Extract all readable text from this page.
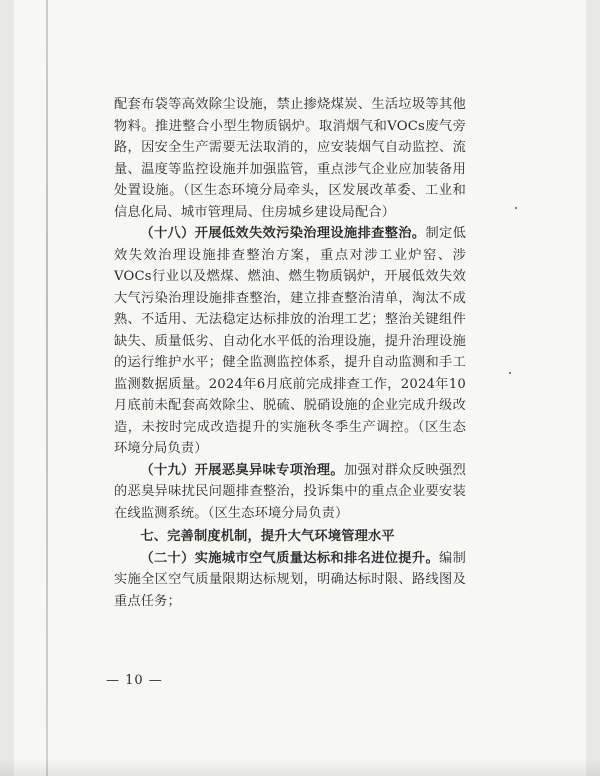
配套布袋等高效除尘设施，禁止掺烧煤炭、生活垃圾等其他物料。推进整合小型生物质锅炉。取消烟气和VOCs废气旁路，因安全生产需要无法取消的，应安装烟气自动监控、流量、温度等监控设施并加强监管，重点涉气企业应加装备用处置设施。（区生态环境分局牵头，区发展改革委、工业和信息化局、城市管理局、住房城乡建设局配合）

（十八）开展低效失效污染治理设施排查整治。制定低效失效治理设施排查整治方案，重点对涉工业炉窑、涉VOCs行业以及燃煤、燃油、燃生物质锅炉，开展低效失效大气污染治理设施排查整治，建立排查整治清单，淘汰不成熟、不适用、无法稳定达标排放的治理工艺；整治关键组件缺失、质量低劣、自动化水平低的治理设施，提升治理设施的运行维护水平；健全监测监控体系，提升自动监测和手工监测数据质量。2024年6月底前完成排查工作，2024年10月底前未配套高效除尘、脱硫、脱硝设施的企业完成升级改造，未按时完成改造提升的实施秋冬季生产调控。（区生态环境分局负责）

（十九）开展恶臭异味专项治理。加强对群众反映强烈的恶臭异味扰民问题排查整治，投诉集中的重点企业要安装在线监测系统。（区生态环境分局负责）

七、完善制度机制，提升大气环境管理水平

（二十）实施城市空气质量达标和排名进位提升。编制实施全区空气质量限期达标规划，明确达标时限、路线图及重点任务；

— 10 —
